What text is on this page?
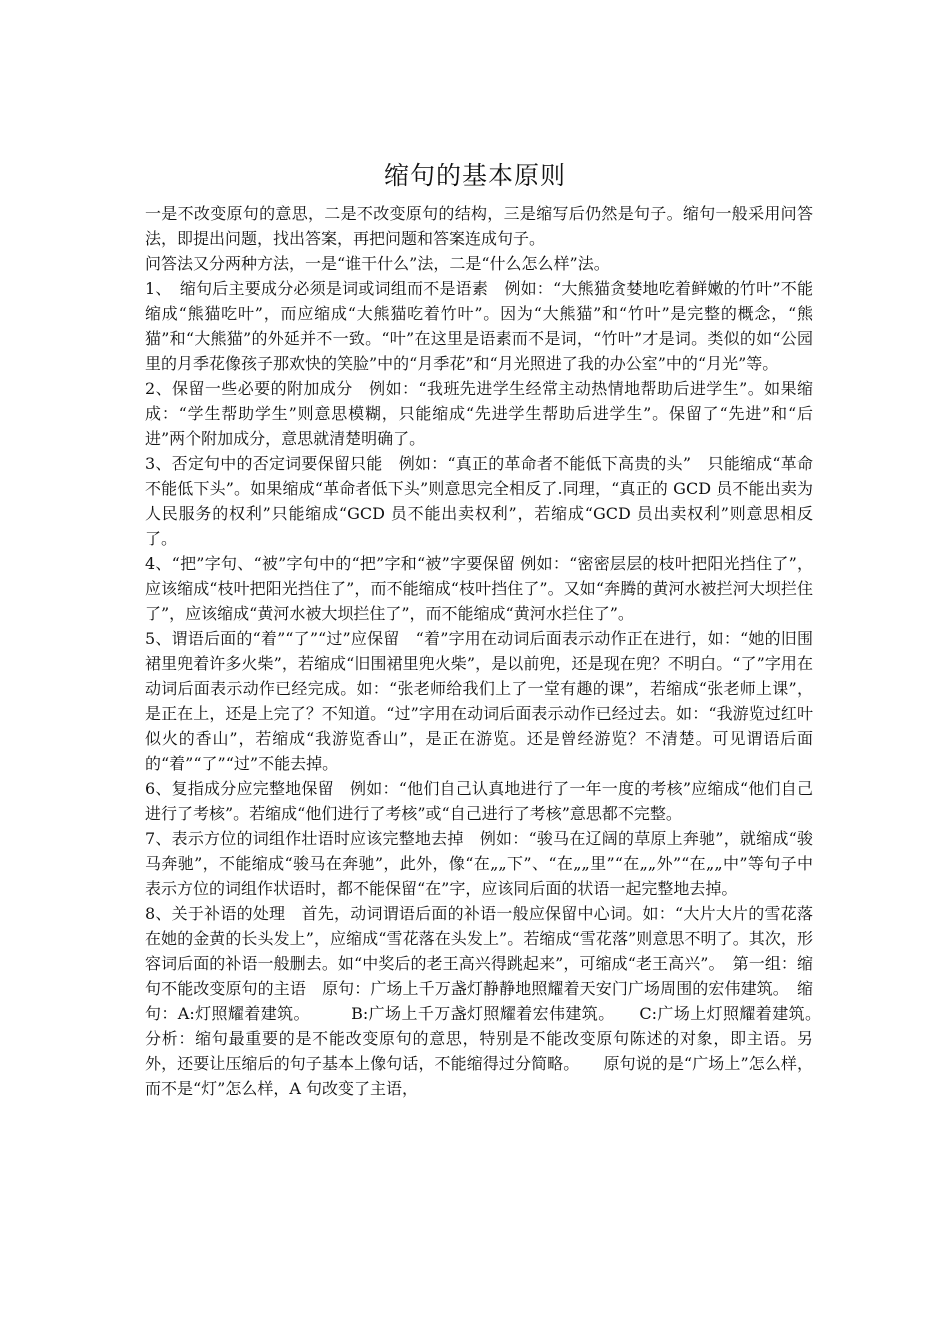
缩句的基本原则

一是不改变原句的意思，二是不改变原句的结构，三是缩写后仍然是句子。缩句一般采用问答法，即提出问题，找出答案，再把问题和答案连成句子。

问答法又分两种方法，一是“谁干什么”法，二是“什么怎么样”法。

1、　缩句后主要成分必须是词或词组而不是语素　例如：“大熊猫贪婪地吃着鲜嫩的竹叶”不能缩成“熊猫吃叶”，而应缩成“大熊猫吃着竹叶”。因为“大熊猫”和“竹叶”是完整的概念，“熊猫”和“大熊猫”的外延并不一致。“叶”在这里是语素而不是词，“竹叶”才是词。类似的如“公园里的月季花像孩子那欢快的笑脸”中的“月季花”和“月光照进了我的办公室”中的“月光”等。

2、保留一些必要的附加成分　例如：“我班先进学生经常主动热情地帮助后进学生”。如果缩成：“学生帮助学生”则意思模糊，只能缩成“先进学生帮助后进学生”。保留了“先进”和“后进”两个附加成分，意思就清楚明确了。

3、否定句中的否定词要保留只能　例如：“真正的革命者不能低下高贵的头”　只能缩成“革命不能低下头”。如果缩成“革命者低下头”则意思完全相反了.同理，“真正的 GCD 员不能出卖为人民服务的权利”只能缩成“GCD 员不能出卖权利”，若缩成“GCD 员出卖权利”则意思相反了。

4、“把”字句、“被”字句中的“把”字和“被”字要保留 例如：“密密层层的枝叶把阳光挡住了”，应该缩成“枝叶把阳光挡住了”，而不能缩成“枝叶挡住了”。又如“奔腾的黄河水被拦河大坝拦住了”，应该缩成“黄河水被大坝拦住了”，而不能缩成“黄河水拦住了”。

5、谓语后面的“着”“了”“过”应保留　“着”字用在动词后面表示动作正在进行，如：“她的旧围裙里兜着许多火柴”，若缩成“旧围裙里兜火柴”，是以前兜，还是现在兜？不明白。“了”字用在动词后面表示动作已经完成。如：“张老师给我们上了一堂有趣的课”，若缩成“张老师上课”，是正在上，还是上完了？不知道。“过”字用在动词后面表示动作已经过去。如：“我游览过红叶似火的香山”，若缩成“我游览香山”，是正在游览。还是曾经游览？不清楚。可见谓语后面的“着”“了”“过”不能去掉。

6、复指成分应完整地保留　例如：“他们自己认真地进行了一年一度的考核”应缩成“他们自己进行了考核”。若缩成“他们进行了考核”或“自己进行了考核”意思都不完整。

7、表示方位的词组作壮语时应该完整地去掉　例如：“骏马在辽阔的草原上奔驰”，就缩成“骏马奔驰”，不能缩成“骏马在奔驰”，此外，像“在„„下”、“在„„里”“在„„外”“在„„中”等句子中表示方位的词组作状语时，都不能保留“在”字，应该同后面的状语一起完整地去掉。

8、关于补语的处理　首先，动词谓语后面的补语一般应保留中心词。如：“大片大片的雪花落在她的金黄的长头发上”，应缩成“雪花落在头发上”。若缩成“雪花落”则意思不明了。其次，形容词后面的补语一般删去。如“中奖后的老王高兴得跳起来”，可缩成“老王高兴”。　第一组：缩句不能改变原句的主语　原句：广场上千万盏灯静静地照耀着天安门广场周围的宏伟建筑。　缩句：A:灯照耀着建筑。　　　B:广场上千万盏灯照耀着宏伟建筑。　　C:广场上灯照耀着建筑。　　　分析：缩句最重要的是不能改变原句的意思，特别是不能改变原句陈述的对象，即主语。另外，还要让压缩后的句子基本上像句话，不能缩得过分简略。　　原句说的是“广场上”怎么样，而不是“灯”怎么样，A 句改变了主语，
